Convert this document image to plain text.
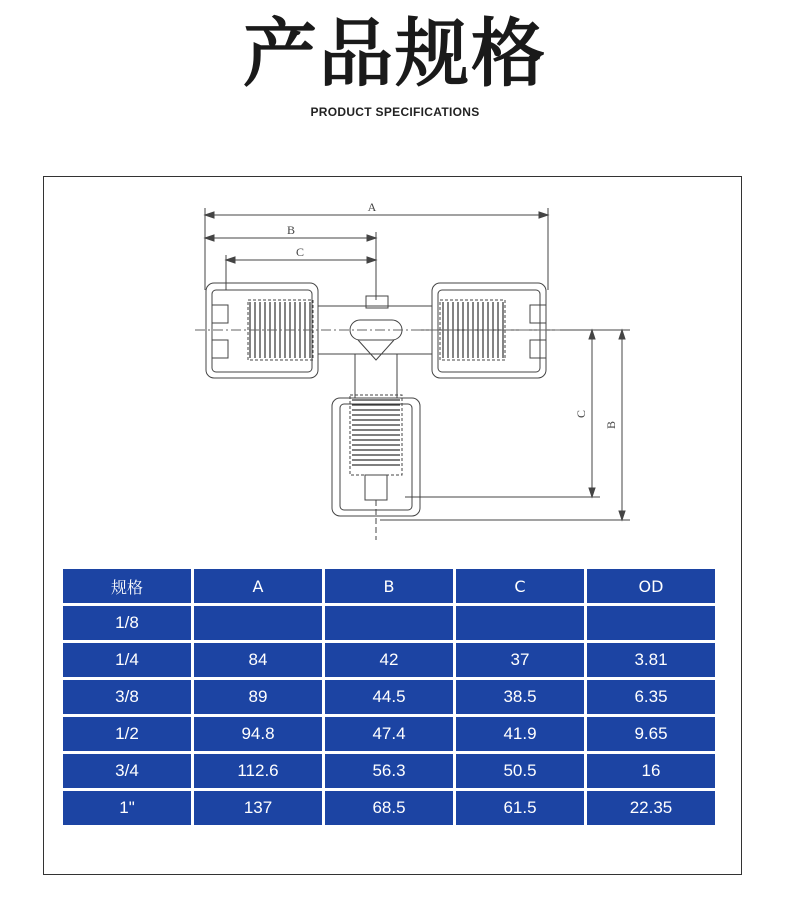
产品规格
PRODUCT SPECIFICATIONS
A
B
C
C
B
规格	A	B	C	OD
1/8				
1/4	84	42	37	3.81
3/8	89	44.5	38.5	6.35
1/2	94.8	47.4	41.9	9.65
3/4	112.6	56.3	50.5	16
1"	137	68.5	61.5	22.35
